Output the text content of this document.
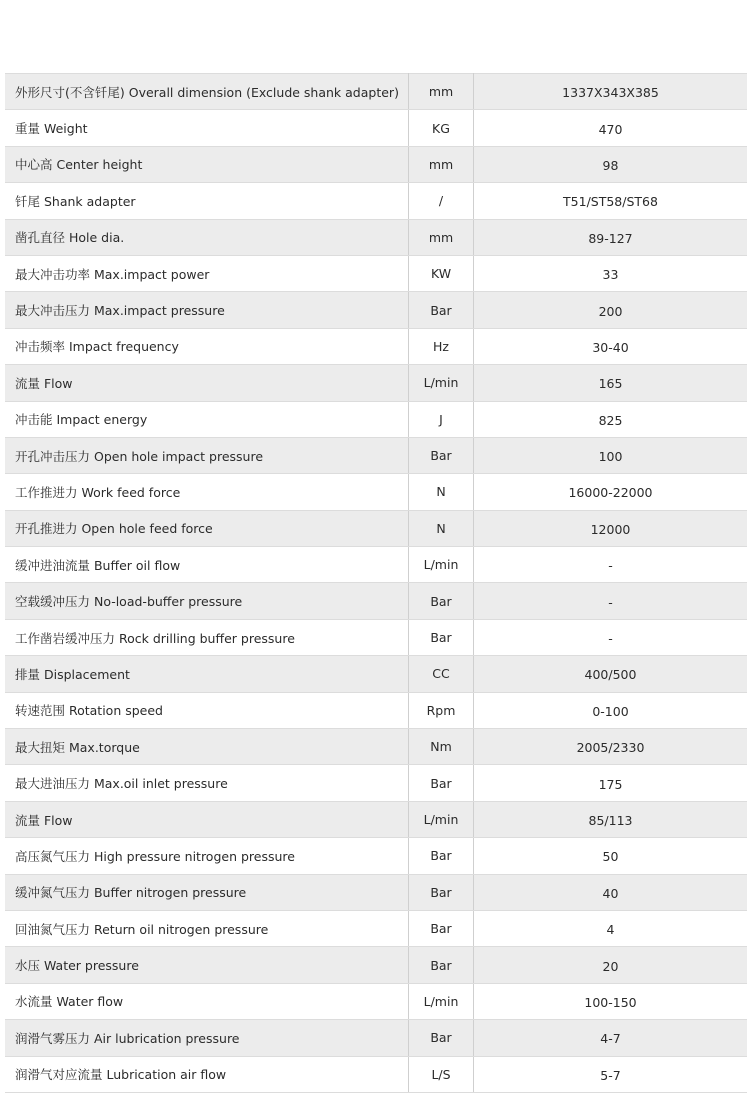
外形尺寸(不含钎尾) Overall dimension (Exclude shank adapter)	mm	1337X343X385
重量 Weight	KG	470
中心高 Center height	mm	98
钎尾 Shank adapter	/	T51/ST58/ST68
凿孔直径 Hole dia.	mm	89-127
最大冲击功率 Max.impact power	KW	33
最大冲击压力 Max.impact pressure	Bar	200
冲击频率 Impact frequency	Hz	30-40
流量 Flow	L/min	165
冲击能 Impact energy	J	825
开孔冲击压力 Open hole impact pressure	Bar	100
工作推进力 Work feed force	N	16000-22000
开孔推进力 Open hole feed force	N	12000
缓冲进油流量 Buffer oil flow	L/min	-
空载缓冲压力 No-load-buffer pressure	Bar	-
工作凿岩缓冲压力 Rock drilling buffer pressure	Bar	-
排量 Displacement	CC	400/500
转速范围 Rotation speed	Rpm	0-100
最大扭矩 Max.torque	Nm	2005/2330
最大进油压力 Max.oil inlet pressure	Bar	175
流量 Flow	L/min	85/113
高压氮气压力 High pressure nitrogen pressure	Bar	50
缓冲氮气压力 Buffer nitrogen pressure	Bar	40
回油氮气压力 Return oil nitrogen pressure	Bar	4
水压 Water pressure	Bar	20
水流量 Water flow	L/min	100-150
润滑气雾压力 Air lubrication pressure	Bar	4-7
润滑气对应流量 Lubrication air flow	L/S	5-7
